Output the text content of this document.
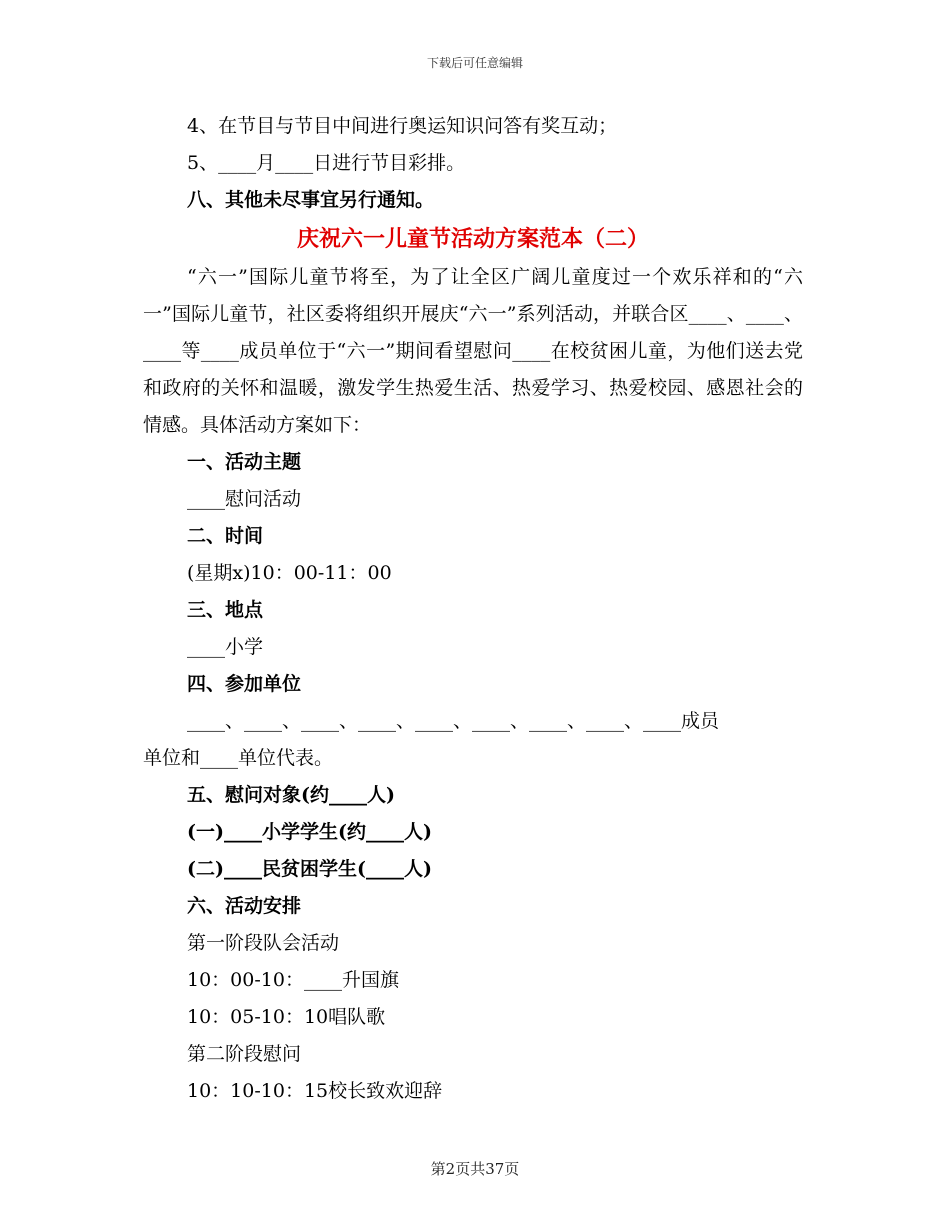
下载后可任意编辑

4、在节目与节目中间进行奥运知识问答有奖互动；

5、____月____日进行节目彩排。

八、其他未尽事宜另行通知。

庆祝六一儿童节活动方案范本（二）

“六一”国际儿童节将至，为了让全区广阔儿童度过一个欢乐祥和的“六一”国际儿童节，社区委将组织开展庆“六一”系列活动，并联合区____、____、____等____成员单位于“六一”期间看望慰问____在校贫困儿童，为他们送去党和政府的关怀和温暖，激发学生热爱生活、热爱学习、热爱校园、感恩社会的情感。具体活动方案如下：

一、活动主题

____慰问活动

二、时间

(星期x)10：00-11：00

三、地点

____小学

四、参加单位

____、____、____、____、____、____、____、____、____成员

单位和____单位代表。

五、慰问对象(约____人)

(一)____小学学生(约____人)

(二)____民贫困学生(____人)

六、活动安排

第一阶段队会活动

10：00-10：____升国旗

10：05-10：10唱队歌

第二阶段慰问

10：10-10：15校长致欢迎辞

第2页共37页
